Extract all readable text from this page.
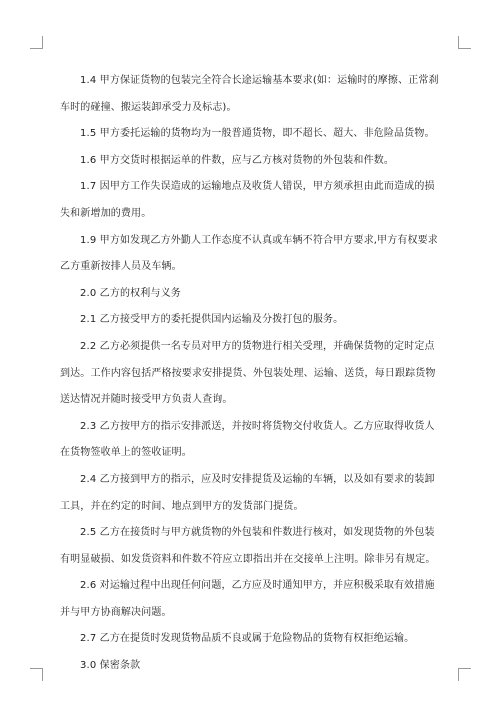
1.4 甲方保证货物的包装完全符合长途运输基本要求(如：运输时的摩擦、正常刹车时的碰撞、搬运装卸承受力及标志)。

1.5 甲方委托运输的货物均为一般普通货物，即不超长、超大、非危险品货物。

1.6 甲方交货时根据运单的件数，应与乙方核对货物的外包装和件数。

1.7 因甲方工作失误造成的运输地点及收货人错误，甲方须承担由此而造成的损失和新增加的费用。

1.9 甲方如发现乙方外勤人工作态度不认真或车辆不符合甲方要求,甲方有权要求乙方重新按排人员及车辆。

2.0 乙方的权利与义务

2.1 乙方接受甲方的委托提供国内运输及分拨打包的服务。

2.2 乙方必须提供一名专员对甲方的货物进行相关受理，并确保货物的定时定点到达。工作内容包括严格按要求安排提货、外包装处理、运输、送货，每日跟踪货物送达情况并随时接受甲方负责人查询。

2.3 乙方按甲方的指示安排派送，并按时将货物交付收货人。乙方应取得收货人在货物签收单上的签收证明。

2.4 乙方接到甲方的指示，应及时安排提货及运输的车辆，以及如有要求的装卸工具，并在约定的时间、地点到甲方的发货部门提货。

2.5 乙方在接货时与甲方就货物的外包装和件数进行核对，如发现货物的外包装有明显破损、如发货资料和件数不符应立即指出并在交接单上注明。除非另有规定。

2.6 对运输过程中出现任何问题，乙方应及时通知甲方，并应积极采取有效措施并与甲方协商解决问题。

2.7 乙方在提货时发现货物品质不良或属于危险物品的货物有权拒绝运输。

3.0 保密条款
